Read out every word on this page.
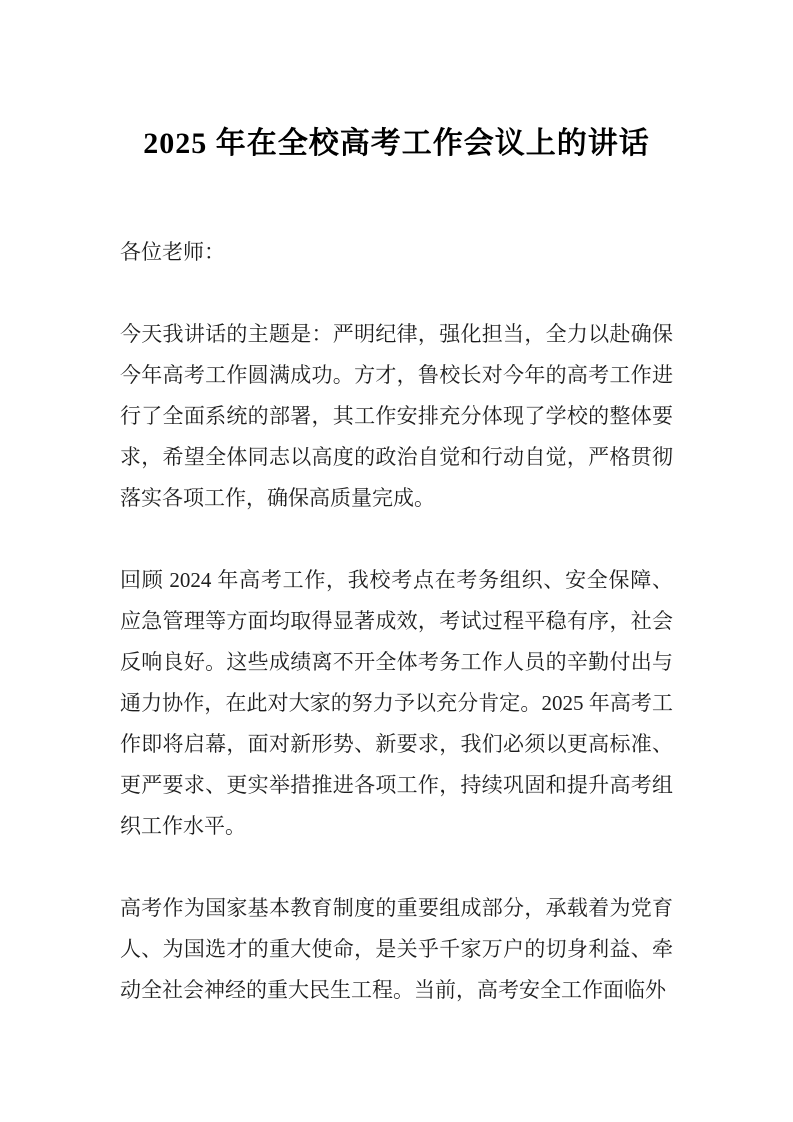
2025 年在全校高考工作会议上的讲话

各位老师：

今天我讲话的主题是：严明纪律，强化担当，全力以赴确保今年高考工作圆满成功。方才，鲁校长对今年的高考工作进行了全面系统的部署，其工作安排充分体现了学校的整体要求，希望全体同志以高度的政治自觉和行动自觉，严格贯彻落实各项工作，确保高质量完成。

回顾 2024 年高考工作，我校考点在考务组织、安全保障、应急管理等方面均取得显著成效，考试过程平稳有序，社会反响良好。这些成绩离不开全体考务工作人员的辛勤付出与通力协作，在此对大家的努力予以充分肯定。2025 年高考工作即将启幕，面对新形势、新要求，我们必须以更高标准、更严要求、更实举措推进各项工作，持续巩固和提升高考组织工作水平。

高考作为国家基本教育制度的重要组成部分，承载着为党育人、为国选才的重大使命，是关乎千家万户的切身利益、牵动全社会神经的重大民生工程。当前，高考安全工作面临外
